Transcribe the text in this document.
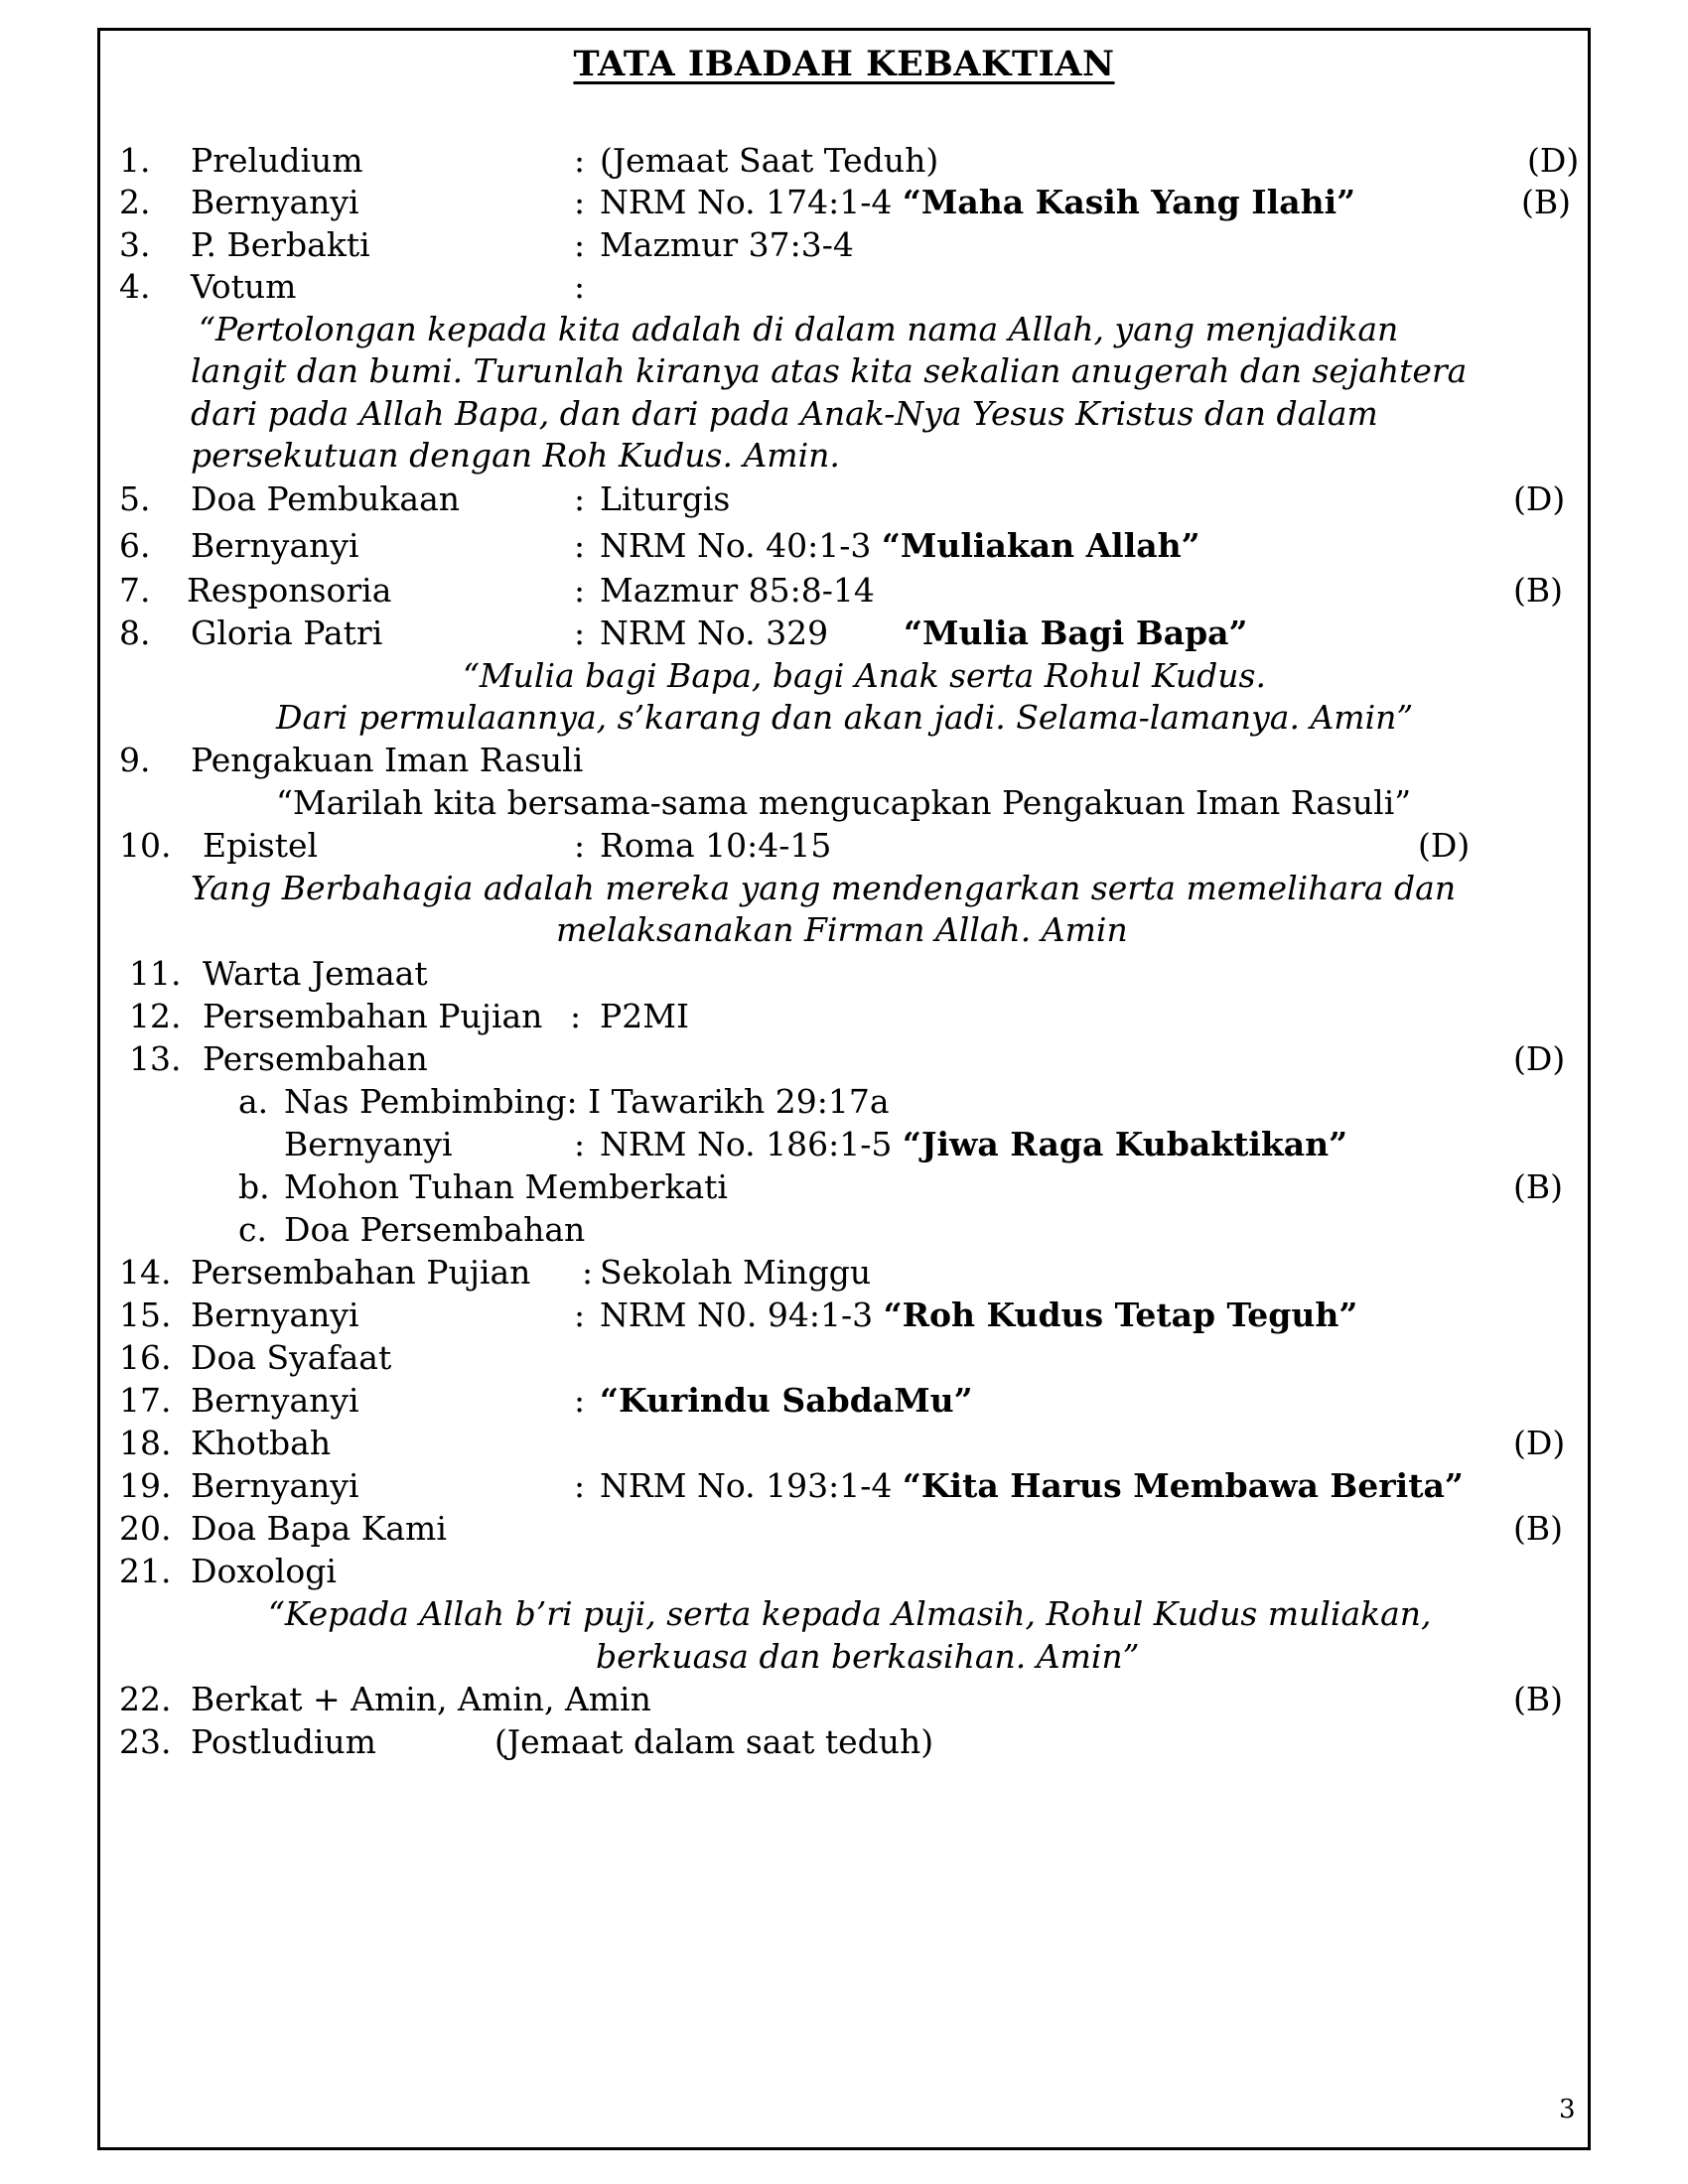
TATA IBADAH KEBAKTIAN
1. Preludium	: (Jemaat Saat Teduh)	(D)
2. Bernyanyi	: NRM No. 174:1-4 “Maha Kasih Yang Ilahi”	(B)
3. P. Berbakti	: Mazmur 37:3-4
4. Votum	:
“Pertolongan kepada kita adalah di dalam nama Allah, yang menjadikan
langit dan bumi. Turunlah kiranya atas kita sekalian anugerah dan sejahtera
dari pada Allah Bapa, dan dari pada Anak-Nya Yesus Kristus dan dalam
persekutuan dengan Roh Kudus. Amin.
5. Doa Pembukaan	: Liturgis	(D)
6. Bernyanyi	: NRM No. 40:1-3 “Muliakan Allah”
7. Responsoria	: Mazmur 85:8-14	(B)
8. Gloria Patri	: NRM No. 329 “Mulia Bagi Bapa”
“Mulia bagi Bapa, bagi Anak serta Rohul Kudus.
Dari permulaannya, s’karang dan akan jadi. Selama-lamanya. Amin”
9. Pengakuan Iman Rasuli
“Marilah kita bersama-sama mengucapkan Pengakuan Iman Rasuli”
10. Epistel	: Roma 10:4-15	(D)
Yang Berbahagia adalah mereka yang mendengarkan serta memelihara dan
melaksanakan Firman Allah. Amin
11. Warta Jemaat
12. Persembahan Pujian : P2MI
13. Persembahan	(D)
a. Nas Pembimbing: I Tawarikh 29:17a
Bernyanyi	: NRM No. 186:1-5 “Jiwa Raga Kubaktikan”
b. Mohon Tuhan Memberkati	(B)
c. Doa Persembahan
14. Persembahan Pujian : Sekolah Minggu
15. Bernyanyi	: NRM N0. 94:1-3 “Roh Kudus Tetap Teguh”
16. Doa Syafaat
17. Bernyanyi	: “Kurindu SabdaMu”
18. Khotbah	(D)
19. Bernyanyi	: NRM No. 193:1-4 “Kita Harus Membawa Berita”
20. Doa Bapa Kami	(B)
21. Doxologi
“Kepada Allah b’ri puji, serta kepada Almasih, Rohul Kudus muliakan,
berkuasa dan berkasihan. Amin”
22. Berkat + Amin, Amin, Amin	(B)
23. Postludium	(Jemaat dalam saat teduh)
3
